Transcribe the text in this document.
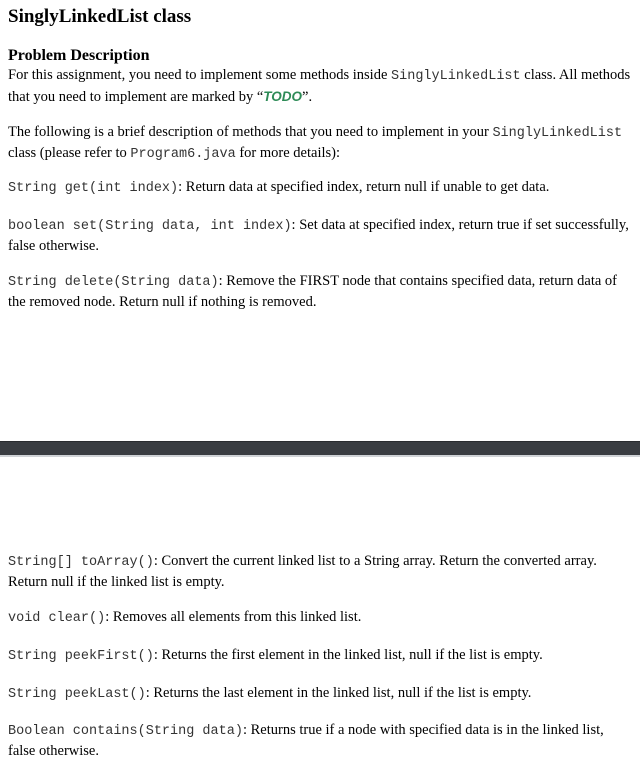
SinglyLinkedList class
Problem Description

For this assignment, you need to implement some methods inside SinglyLinkedList class. All methods that you need to implement are marked by “TODO”.

The following is a brief description of methods that you need to implement in your SinglyLinkedList class (please refer to Program6.java for more details):

String get(int index): Return data at specified index, return null if unable to get data.

boolean set(String data, int index): Set data at specified index, return true if set successfully, false otherwise.

String delete(String data): Remove the FIRST node that contains specified data, return data of the removed node. Return null if nothing is removed.

String[] toArray(): Convert the current linked list to a String array. Return the converted array. Return null if the linked list is empty.

void clear(): Removes all elements from this linked list.

String peekFirst(): Returns the first element in the linked list, null if the list is empty.

String peekLast(): Returns the last element in the linked list, null if the list is empty.

Boolean contains(String data): Returns true if a node with specified data is in the linked list, false otherwise.
